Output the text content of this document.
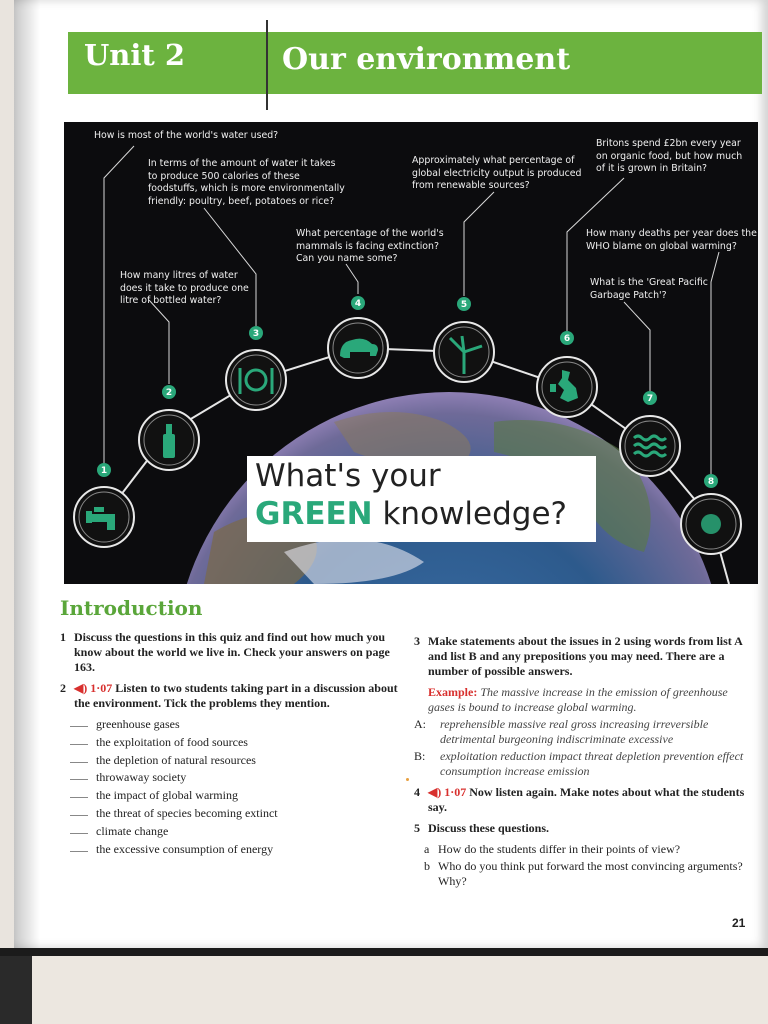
Unit 2	Our environment
1
2
3
4	5
6
7
8
How is most of the world's water used?
In terms of the amount of water it takes to produce 500 calories of these foodstuffs, which is more environmentally friendly: poultry, beef, potatoes or rice?
How many litres of water does it take to produce one litre of bottled water?
What percentage of the world's mammals is facing extinction? Can you name some?
Approximately what percentage of global electricity output is produced from renewable sources?
Britons spend £2bn every year on organic food, but how much of it is grown in Britain?
How many deaths per year does the WHO blame on global warming?
What is the 'Great Pacific Garbage Patch'?
What's your
GREEN knowledge?
Introduction
1 Discuss the questions in this quiz and find out how much you know about the world we live in. Check your answers on page 163.
2 ◀) 1·07 Listen to two students taking part in a discussion about the environment. Tick the problems they mention.
greenhouse gases
the exploitation of food sources
the depletion of natural resources
throwaway society
the impact of global warming
the threat of species becoming extinct
climate change
the excessive consumption of energy
3 Make statements about the issues in 2 using words from list A and list B and any prepositions you may need. There are a number of possible answers.
Example: The massive increase in the emission of greenhouse gases is bound to increase global warming.
A:	reprehensible massive real gross increasing irreversible detrimental burgeoning indiscriminate excessive
B:	exploitation reduction impact threat depletion prevention effect consumption increase emission
4 ◀) 1·07 Now listen again. Make notes about what the students say.
5 Discuss these questions.
a How do the students differ in their points of view?
b Who do you think put forward the most convincing arguments? Why?
21
